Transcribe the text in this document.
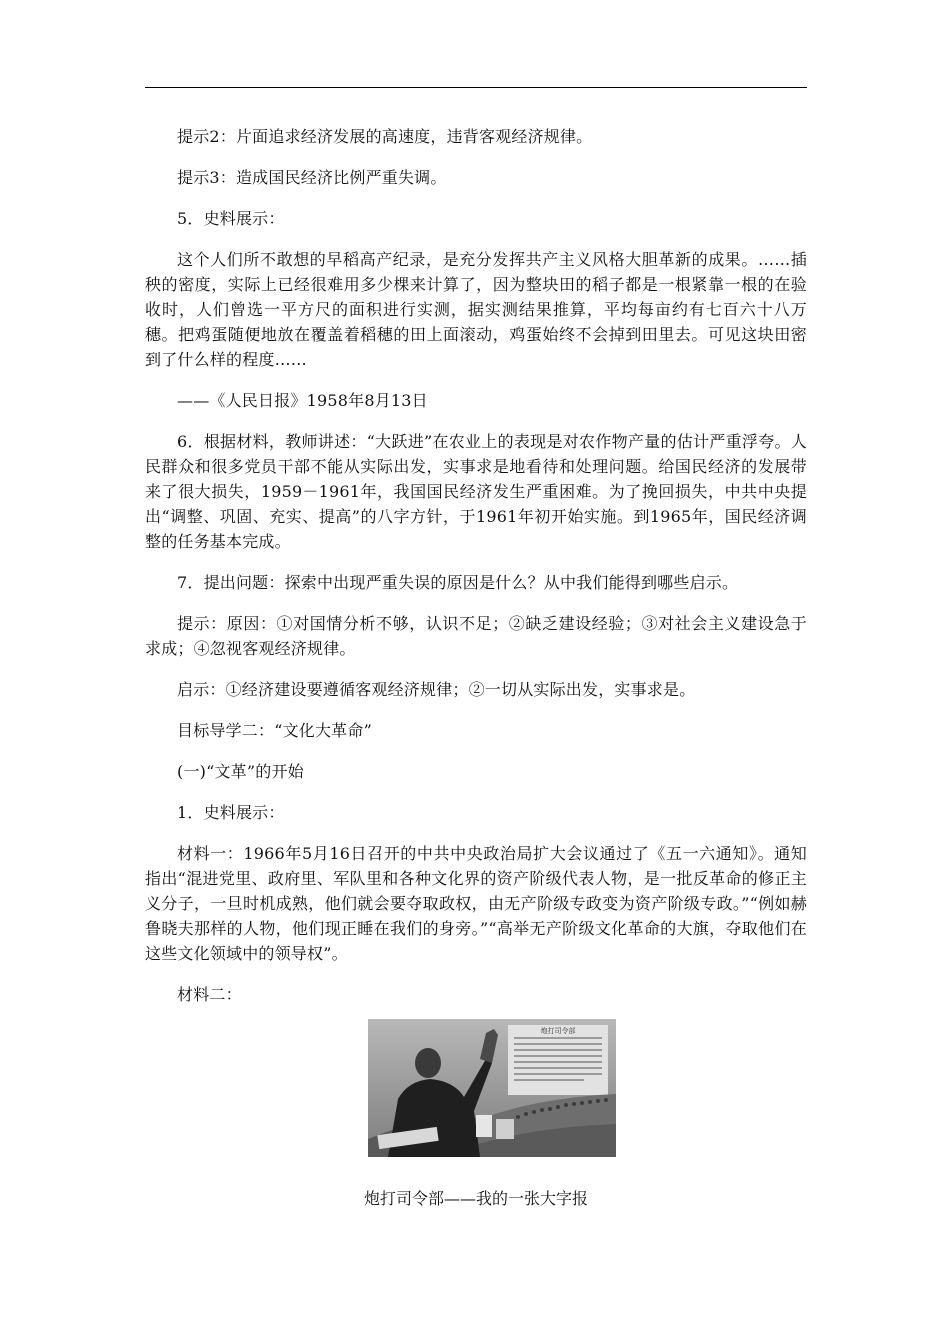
提示2：片面追求经济发展的高速度，违背客观经济规律。

提示3：造成国民经济比例严重失调。

5．史料展示：

这个人们所不敢想的早稻高产纪录，是充分发挥共产主义风格大胆革新的成果。……插秧的密度，实际上已经很难用多少棵来计算了，因为整块田的稻子都是一根紧靠一根的在验收时，人们曾选一平方尺的面积进行实测，据实测结果推算，平均每亩约有七百六十八万穗。把鸡蛋随便地放在覆盖着稻穗的田上面滚动，鸡蛋始终不会掉到田里去。可见这块田密到了什么样的程度……

——《人民日报》1958年8月13日

6．根据材料，教师讲述：“大跃进”在农业上的表现是对农作物产量的估计严重浮夸。人民群众和很多党员干部不能从实际出发，实事求是地看待和处理问题。给国民经济的发展带来了很大损失，1959－1961年，我国国民经济发生严重困难。为了挽回损失，中共中央提出“调整、巩固、充实、提高”的八字方针，于1961年初开始实施。到1965年，国民经济调整的任务基本完成。

7．提出问题：探索中出现严重失误的原因是什么？从中我们能得到哪些启示。

提示：原因：①对国情分析不够，认识不足；②缺乏建设经验；③对社会主义建设急于求成；④忽视客观经济规律。

启示：①经济建设要遵循客观经济规律；②一切从实际出发，实事求是。

目标导学二：“文化大革命”

(一)“文革”的开始

1．史料展示：

材料一：1966年5月16日召开的中共中央政治局扩大会议通过了《五一六通知》。通知指出“混进党里、政府里、军队里和各种文化界的资产阶级代表人物，是一批反革命的修正主义分子，一旦时机成熟，他们就会要夺取政权，由无产阶级专政变为资产阶级专政。”“例如赫鲁晓夫那样的人物，他们现正睡在我们的身旁。”“高举无产阶级文化革命的大旗，夺取他们在这些文化领域中的领导权”。

材料二：

炮打司令部
炮打司令部——我的一张大字报
